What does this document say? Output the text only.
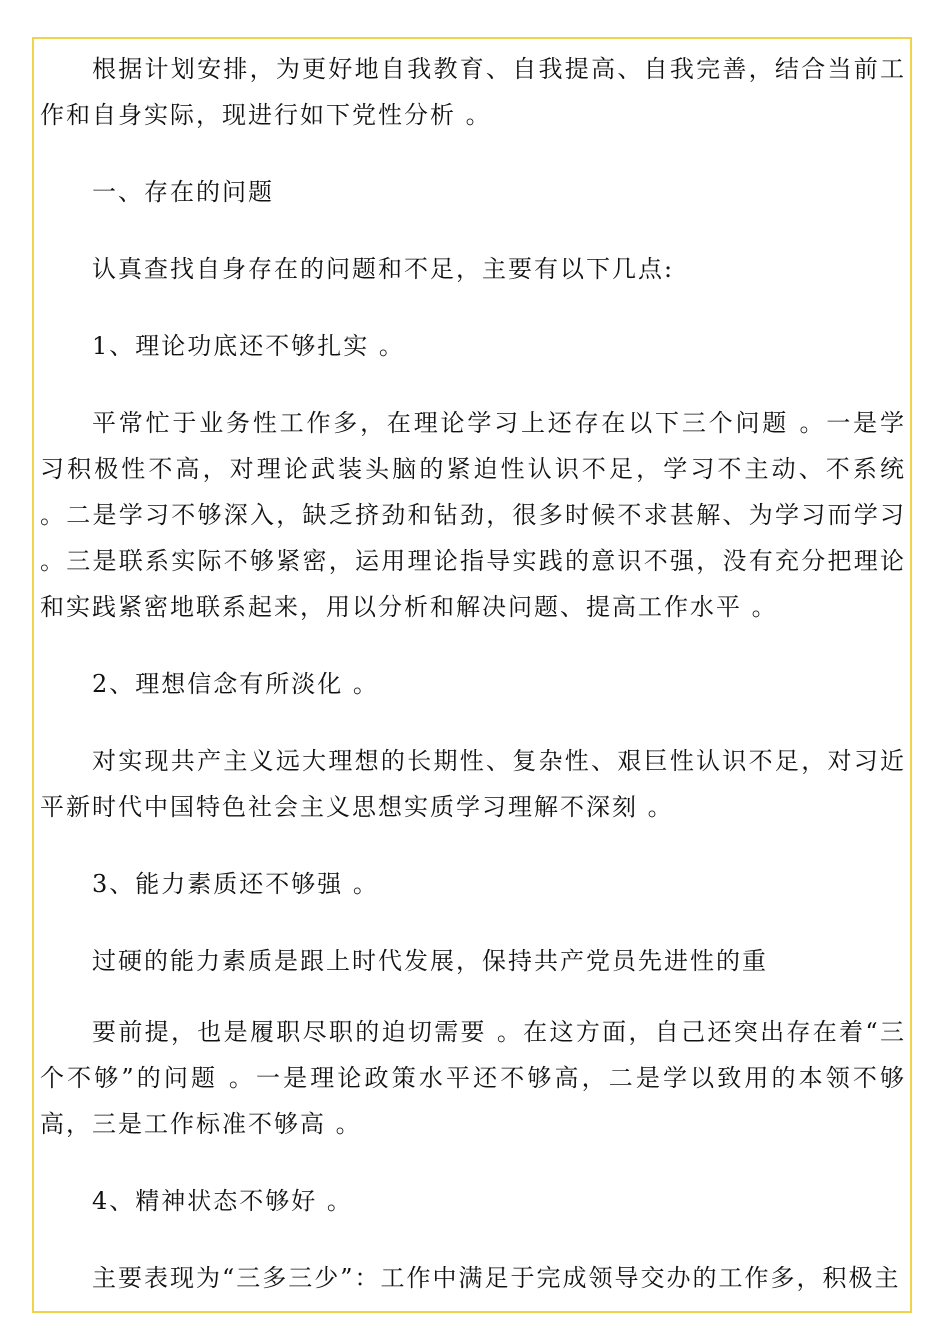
根据计划安排，为更好地自我教育、自我提高、自我完善，结合当前工作和自身实际，现进行如下党性分析 。

一、存在的问题

认真查找自身存在的问题和不足，主要有以下几点:

1、理论功底还不够扎实 。

平常忙于业务性工作多，在理论学习上还存在以下三个问题 。一是学习积极性不高，对理论武装头脑的紧迫性认识不足，学习不主动、不系统 。二是学习不够深入，缺乏挤劲和钻劲，很多时候不求甚解、为学习而学习 。三是联系实际不够紧密，运用理论指导实践的意识不强，没有充分把理论和实践紧密地联系起来，用以分析和解决问题、提高工作水平 。

2、理想信念有所淡化 。

对实现共产主义远大理想的长期性、复杂性、艰巨性认识不足，对习近平新时代中国特色社会主义思想实质学习理解不深刻 。

3、能力素质还不够强 。

过硬的能力素质是跟上时代发展，保持共产党员先进性的重

要前提，也是履职尽职的迫切需要 。在这方面，自己还突出存在着“三个不够”的问题 。一是理论政策水平还不够高，二是学以致用的本领不够高，三是工作标准不够高 。

4、精神状态不够好 。

主要表现为“三多三少”：工作中满足于完成领导交办的工作多，积极主
